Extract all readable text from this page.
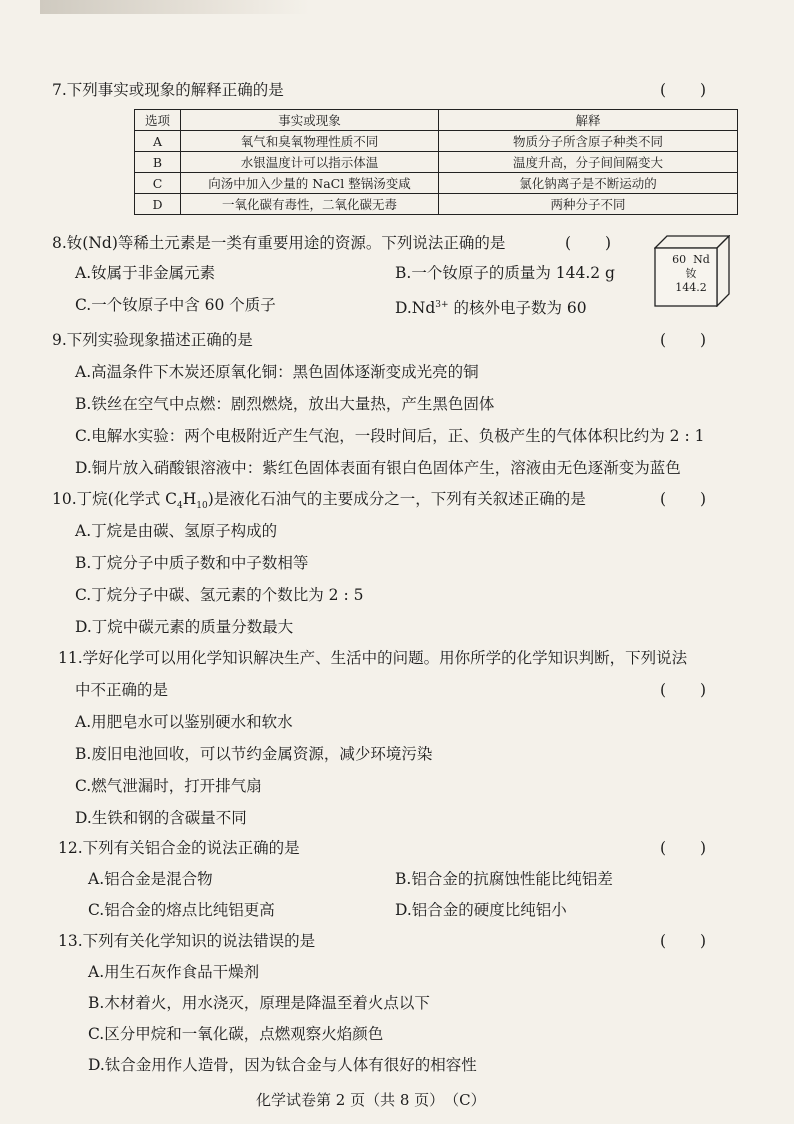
7.下列事实或现象的解释正确的是	( )
选项	事实或现象	解释
A	氧气和臭氧物理性质不同	物质分子所含原子种类不同
B	水银温度计可以指示体温	温度升高，分子间间隔变大
C	向汤中加入少量的 NaCl 整锅汤变咸	氯化钠离子是不断运动的
D	一氧化碳有毒性，二氧化碳无毒	两种分子不同
8.钕(Nd)等稀土元素是一类有重要用途的资源。下列说法正确的是	( )
A.钕属于非金属元素	B.一个钕原子的质量为 144.2 g
C.一个钕原子中含 60 个质子	$D.Nd^{3+}$ 的核外电子数为 60
60 Nd
钕
144.2
9.下列实验现象描述正确的是	( )
A.高温条件下木炭还原氧化铜：黑色固体逐渐变成光亮的铜
B.铁丝在空气中点燃：剧烈燃烧，放出大量热，产生黑色固体
C.电解水实验：两个电极附近产生气泡，一段时间后，正、负极产生的气体体积比约为 2 : 1
D.铜片放入硝酸银溶液中：紫红色固体表面有银白色固体产生，溶液由无色逐渐变为蓝色
10.丁烷(化学式 $C_4H_{10}$)是液化石油气的主要成分之一，下列有关叙述正确的是	( )
A.丁烷是由碳、氢原子构成的
B.丁烷分子中质子数和中子数相等
C.丁烷分子中碳、氢元素的个数比为 2 : 5
D.丁烷中碳元素的质量分数最大
11.学好化学可以用化学知识解决生产、生活中的问题。用你所学的化学知识判断，下列说法
中不正确的是	( )
A.用肥皂水可以鉴别硬水和软水
B.废旧电池回收，可以节约金属资源，减少环境污染
C.燃气泄漏时，打开排气扇
D.生铁和钢的含碳量不同
12.下列有关铝合金的说法正确的是	( )
A.铝合金是混合物	B.铝合金的抗腐蚀性能比纯铝差
C.铝合金的熔点比纯铝更高	D.铝合金的硬度比纯铝小
13.下列有关化学知识的说法错误的是	( )
A.用生石灰作食品干燥剂
B.木材着火，用水浇灭，原理是降温至着火点以下
C.区分甲烷和一氧化碳，点燃观察火焰颜色
D.钛合金用作人造骨，因为钛合金与人体有很好的相容性
化学试卷第 2 页（共 8 页）　（C）
